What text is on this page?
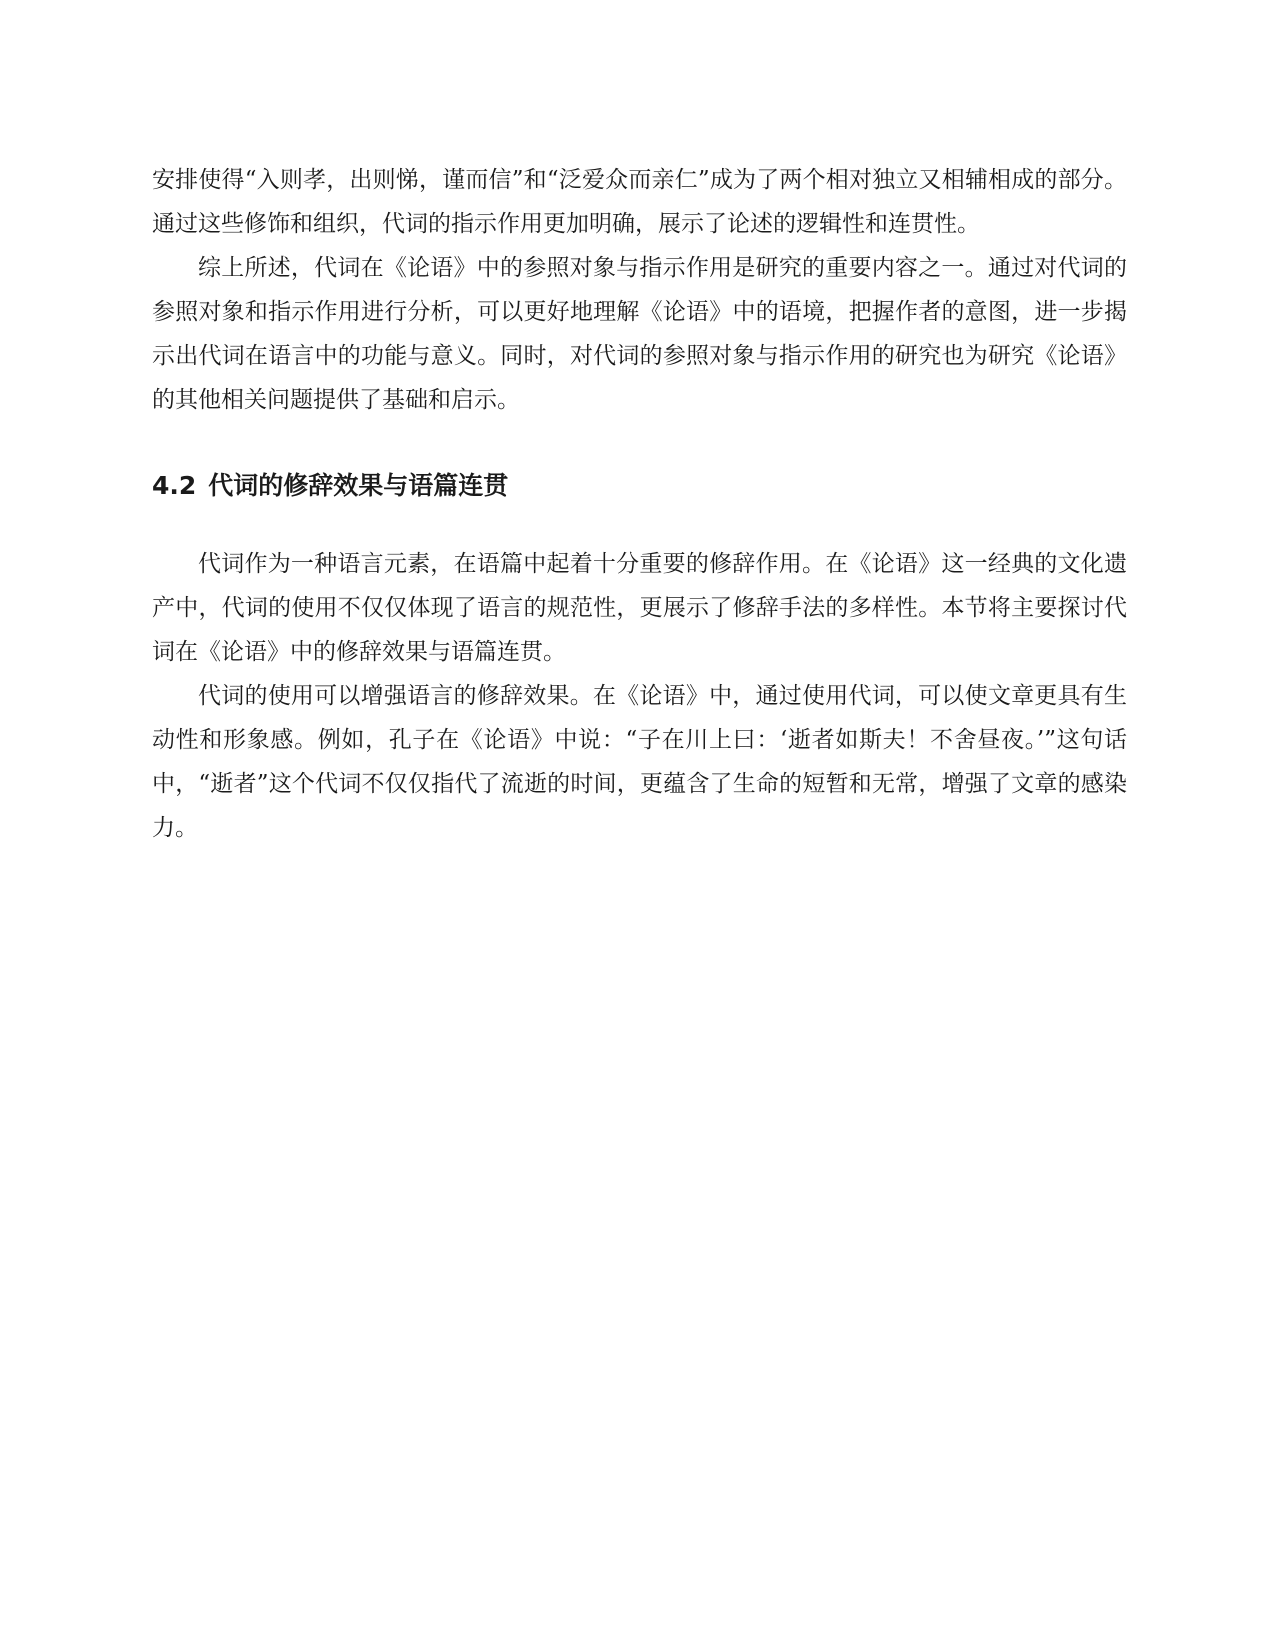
安排使得“入则孝，出则悌，谨而信”和“泛爱众而亲仁”成为了两个相对独立又相辅相成的部分。通过这些修饰和组织，代词的指示作用更加明确，展示了论述的逻辑性和连贯性。

综上所述，代词在《论语》中的参照对象与指示作用是研究的重要内容之一。通过对代词的参照对象和指示作用进行分析，可以更好地理解《论语》中的语境，把握作者的意图，进一步揭示出代词在语言中的功能与意义。同时，对代词的参照对象与指示作用的研究也为研究《论语》的其他相关问题提供了基础和启示。

4.2 代词的修辞效果与语篇连贯

代词作为一种语言元素，在语篇中起着十分重要的修辞作用。在《论语》这一经典的文化遗产中，代词的使用不仅仅体现了语言的规范性，更展示了修辞手法的多样性。本节将主要探讨代词在《论语》中的修辞效果与语篇连贯。

代词的使用可以增强语言的修辞效果。在《论语》中，通过使用代词，可以使文章更具有生动性和形象感。例如，孔子在《论语》中说：“子在川上曰：‘逝者如斯夫！不舍昼夜。’”这句话中，“逝者”这个代词不仅仅指代了流逝的时间，更蕴含了生命的短暂和无常，增强了文章的感染力。
